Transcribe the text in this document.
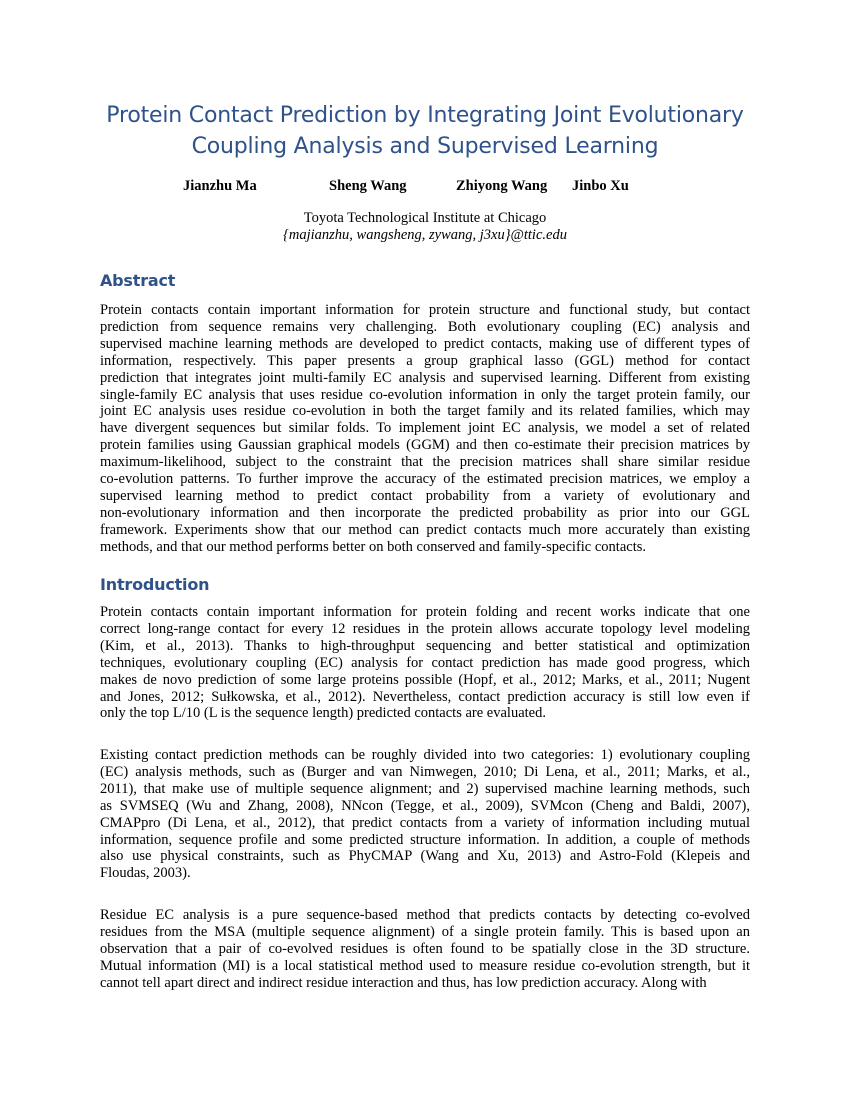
Protein Contact Prediction by Integrating Joint Evolutionary
Coupling Analysis and Supervised Learning
Jianzhu Ma	Sheng Wang	Zhiyong Wang Jinbo Xu
Toyota Technological Institute at Chicago
{majianzhu, wangsheng, zywang, j3xu}@ttic.edu
Abstract

Protein contacts contain important information for protein structure and functional study, but contact
prediction from sequence remains very challenging. Both evolutionary coupling (EC) analysis and
supervised machine learning methods are developed to predict contacts, making use of different types of
information, respectively. This paper presents a group graphical lasso (GGL) method for contact
prediction that integrates joint multi-family EC analysis and supervised learning. Different from existing
single-family EC analysis that uses residue co-evolution information in only the target protein family, our
joint EC analysis uses residue co-evolution in both the target family and its related families, which may
have divergent sequences but similar folds. To implement joint EC analysis, we model a set of related
protein families using Gaussian graphical models (GGM) and then co-estimate their precision matrices by
maximum-likelihood, subject to the constraint that the precision matrices shall share similar residue
co-evolution patterns. To further improve the accuracy of the estimated precision matrices, we employ a
supervised learning method to predict contact probability from a variety of evolutionary and
non-evolutionary information and then incorporate the predicted probability as prior into our GGL
framework. Experiments show that our method can predict contacts much more accurately than existing
methods, and that our method performs better on both conserved and family-specific contacts.

Introduction

Protein contacts contain important information for protein folding and recent works indicate that one
correct long-range contact for every 12 residues in the protein allows accurate topology level modeling
(Kim, et al., 2013). Thanks to high-throughput sequencing and better statistical and optimization
techniques, evolutionary coupling (EC) analysis for contact prediction has made good progress, which
makes de novo prediction of some large proteins possible (Hopf, et al., 2012; Marks, et al., 2011; Nugent
and Jones, 2012; Sułkowska, et al., 2012). Nevertheless, contact prediction accuracy is still low even if
only the top L/10 (L is the sequence length) predicted contacts are evaluated.

Existing contact prediction methods can be roughly divided into two categories: 1) evolutionary coupling
(EC) analysis methods, such as (Burger and van Nimwegen, 2010; Di Lena, et al., 2011; Marks, et al.,
2011), that make use of multiple sequence alignment; and 2) supervised machine learning methods, such
as SVMSEQ (Wu and Zhang, 2008), NNcon (Tegge, et al., 2009), SVMcon (Cheng and Baldi, 2007),
CMAPpro (Di Lena, et al., 2012), that predict contacts from a variety of information including mutual
information, sequence profile and some predicted structure information. In addition, a couple of methods
also use physical constraints, such as PhyCMAP (Wang and Xu, 2013) and Astro-Fold (Klepeis and
Floudas, 2003).

Residue EC analysis is a pure sequence-based method that predicts contacts by detecting co-evolved
residues from the MSA (multiple sequence alignment) of a single protein family. This is based upon an
observation that a pair of co-evolved residues is often found to be spatially close in the 3D structure.
Mutual information (MI) is a local statistical method used to measure residue co-evolution strength, but it
cannot tell apart direct and indirect residue interaction and thus, has low prediction accuracy. Along with
